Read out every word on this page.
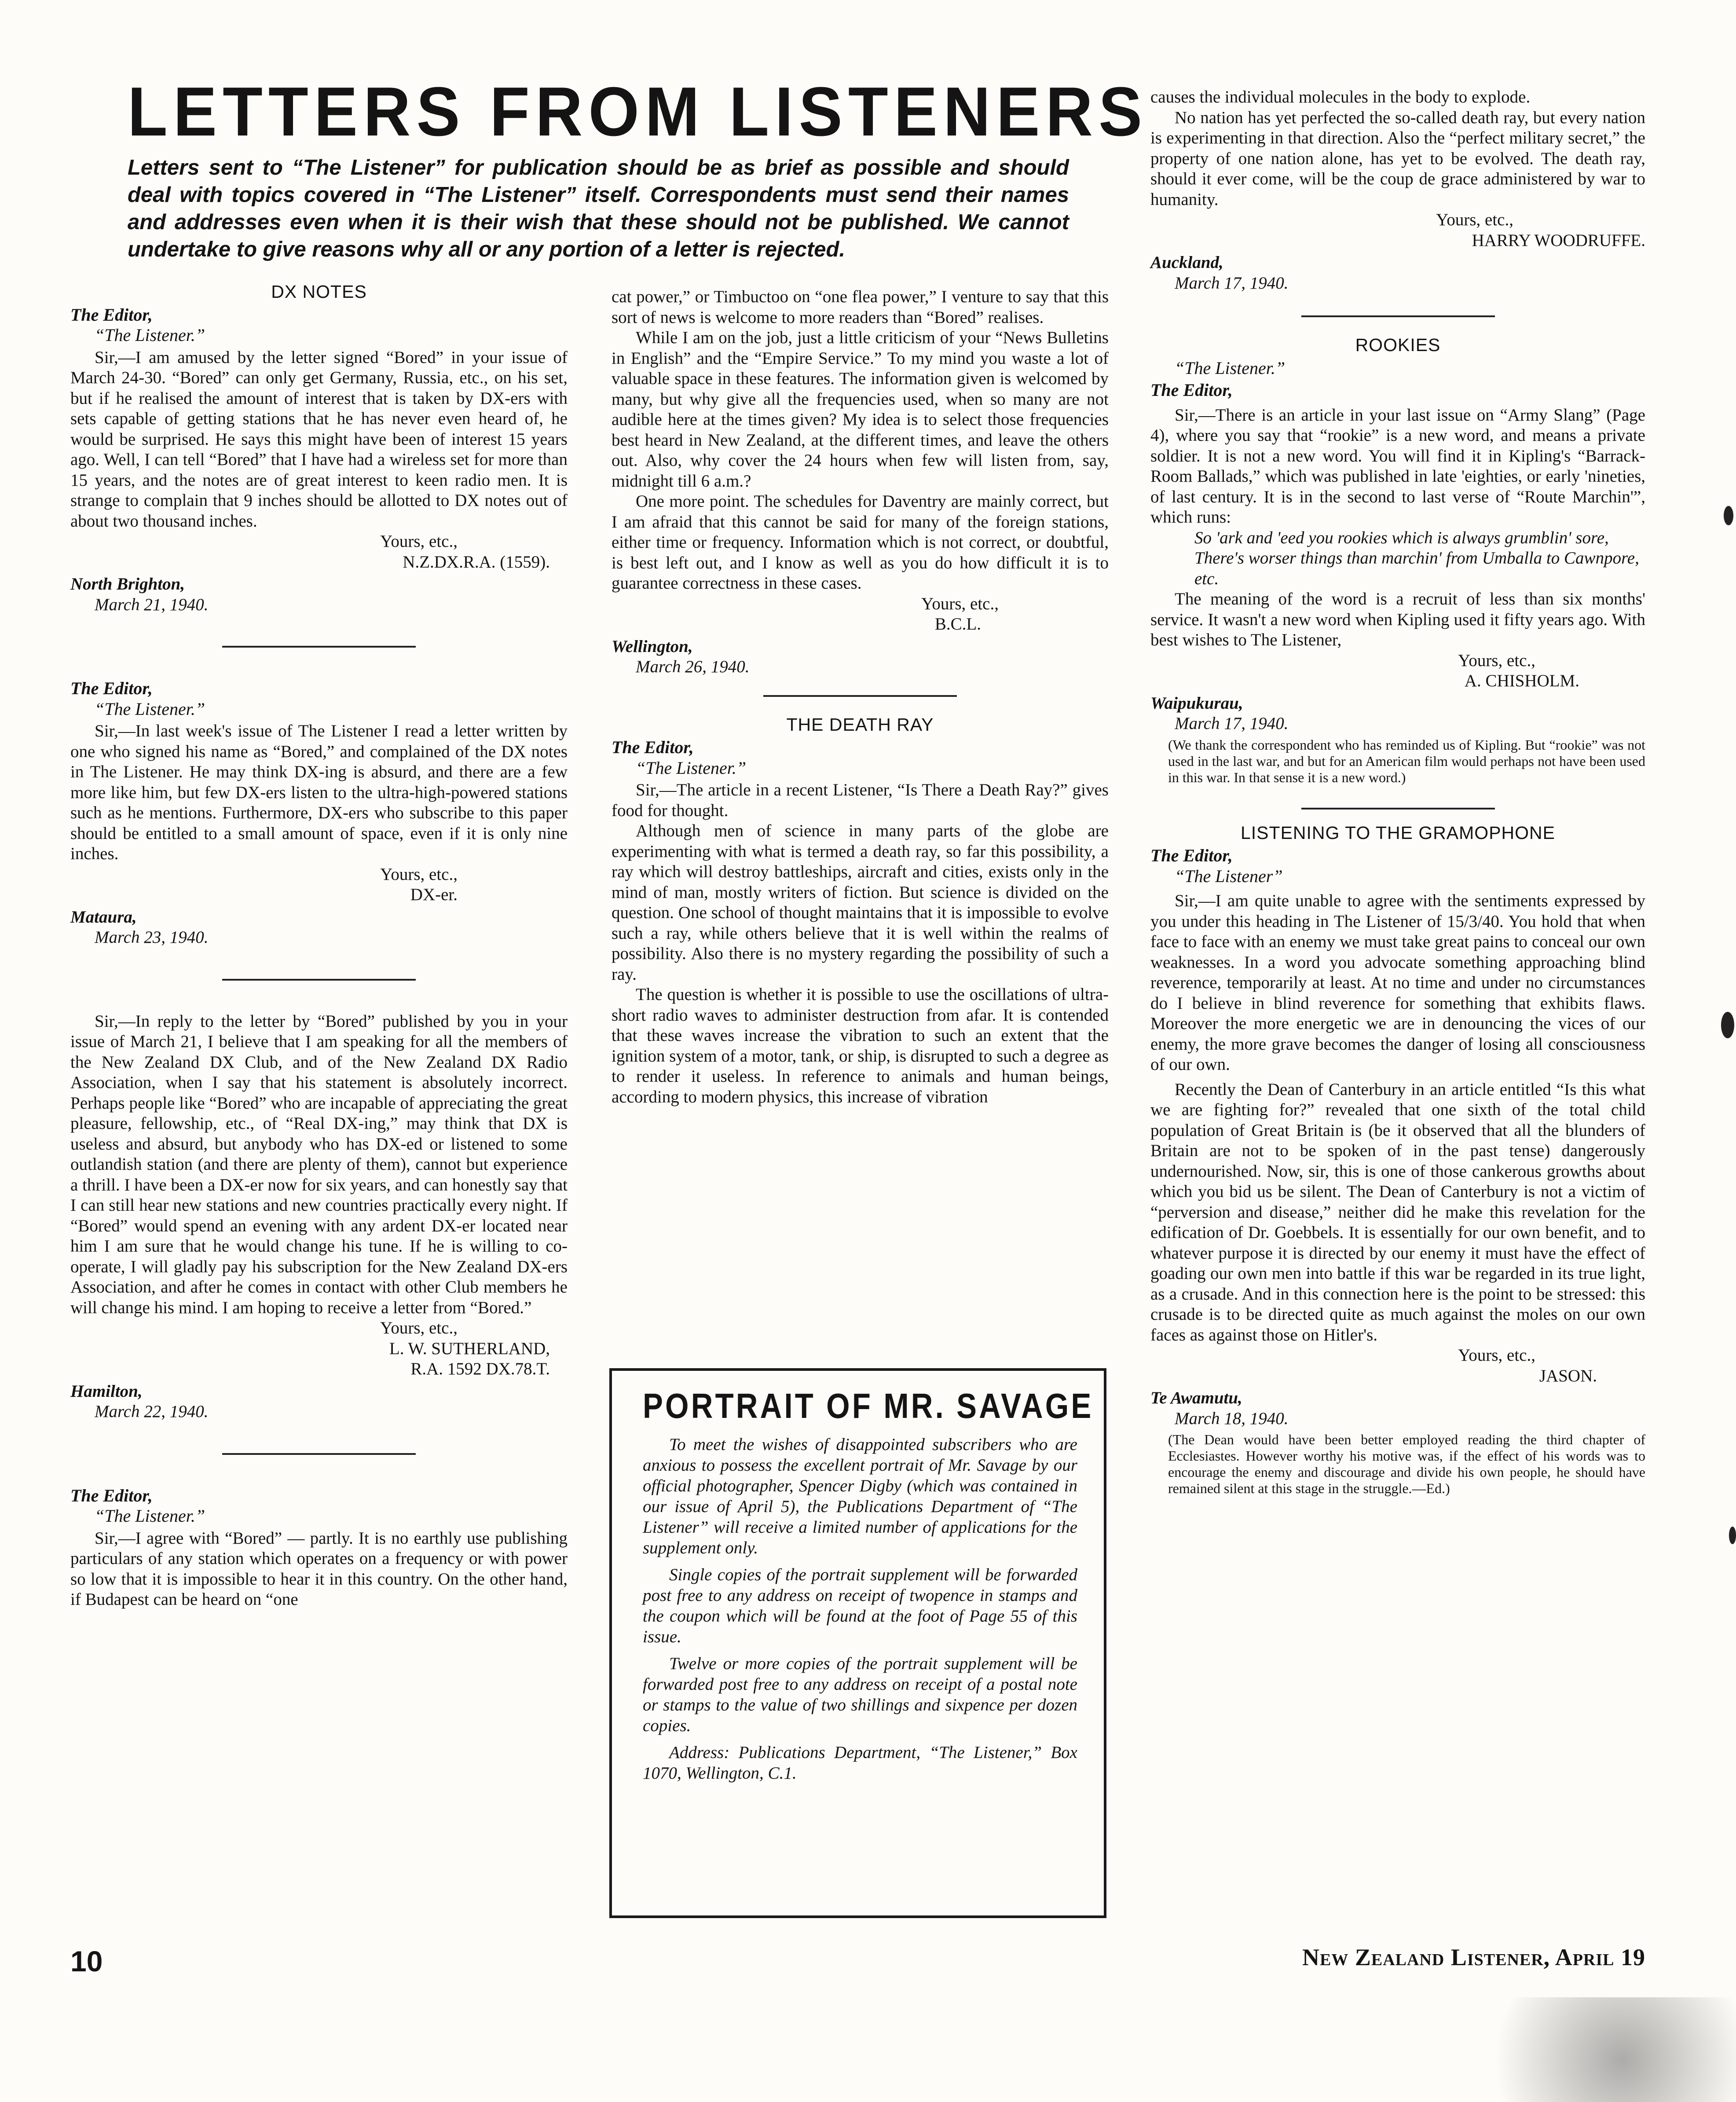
LETTERS FROM LISTENERS
Letters sent to “The Listener” for publication should be as brief as possible and should deal with topics covered in “The Listener” itself. Correspondents must send their names and addresses even when it is their wish that these should not be published. We cannot undertake to give reasons why all or any portion of a letter is rejected.
DX NOTES

The Editor,

“The Listener.”

Sir,—I am amused by the letter signed “Bored” in your issue of March 24-30. “Bored” can only get Germany, Russia, etc., on his set, but if he realised the amount of interest that is taken by DX-ers with sets capable of getting stations that he has never even heard of, he would be surprised. He says this might have been of interest 15 years ago. Well, I can tell “Bored” that I have had a wireless set for more than 15 years, and the notes are of great interest to keen radio men. It is strange to complain that 9 inches should be allotted to DX notes out of about two thousand inches.

Yours, etc.,

N.Z.DX.R.A. (1559).

North Brighton,

March 21, 1940.

The Editor,

“The Listener.”

Sir,—In last week's issue of The Listener I read a letter written by one who signed his name as “Bored,” and complained of the DX notes in The Listener. He may think DX-ing is absurd, and there are a few more like him, but few DX-ers listen to the ultra-high-powered stations such as he mentions. Furthermore, DX-ers who subscribe to this paper should be entitled to a small amount of space, even if it is only nine inches.

Yours, etc.,

DX-er.

Mataura,

March 23, 1940.

Sir,—In reply to the letter by “Bored” published by you in your issue of March 21, I believe that I am speaking for all the members of the New Zealand DX Club, and of the New Zealand DX Radio Association, when I say that his statement is absolutely incorrect. Perhaps people like “Bored” who are incapable of appreciating the great pleasure, fellowship, etc., of “Real DX-ing,” may think that DX is useless and absurd, but anybody who has DX-ed or listened to some outlandish station (and there are plenty of them), cannot but experience a thrill. I have been a DX-er now for six years, and can honestly say that I can still hear new stations and new countries practically every night. If “Bored” would spend an evening with any ardent DX-er located near him I am sure that he would change his tune. If he is willing to co-operate, I will gladly pay his subscription for the New Zealand DX-ers Association, and after he comes in contact with other Club members he will change his mind. I am hoping to receive a letter from “Bored.”

Yours, etc.,

L. W. SUTHERLAND,

R.A. 1592 DX.78.T.

Hamilton,

March 22, 1940.

The Editor,

“The Listener.”

Sir,—I agree with “Bored” — partly. It is no earthly use publishing particulars of any station which operates on a frequency or with power so low that it is impossible to hear it in this country. On the other hand, if Budapest can be heard on “one

cat power,” or Timbuctoo on “one flea power,” I venture to say that this sort of news is welcome to more readers than “Bored” realises.

While I am on the job, just a little criticism of your “News Bulletins in English” and the “Empire Service.” To my mind you waste a lot of valuable space in these features. The information given is welcomed by many, but why give all the frequencies used, when so many are not audible here at the times given? My idea is to select those frequencies best heard in New Zealand, at the different times, and leave the others out. Also, why cover the 24 hours when few will listen from, say, midnight till 6 a.m.?

One more point. The schedules for Daventry are mainly correct, but I am afraid that this cannot be said for many of the foreign stations, either time or frequency. Information which is not correct, or doubtful, is best left out, and I know as well as you do how difficult it is to guarantee correctness in these cases.

Yours, etc.,

B.C.L.

Wellington,

March 26, 1940.

THE DEATH RAY

The Editor,

“The Listener.”

Sir,—The article in a recent Listener, “Is There a Death Ray?” gives food for thought.

Although men of science in many parts of the globe are experimenting with what is termed a death ray, so far this possibility, a ray which will destroy battleships, aircraft and cities, exists only in the mind of man, mostly writers of fiction. But science is divided on the question. One school of thought maintains that it is impossible to evolve such a ray, while others believe that it is well within the realms of possibility. Also there is no mystery regarding the possibility of such a ray.

The question is whether it is possible to use the oscillations of ultra-short radio waves to administer destruction from afar. It is contended that these waves increase the vibration to such an extent that the ignition system of a motor, tank, or ship, is disrupted to such a degree as to render it useless. In reference to animals and human beings, according to modern physics, this increase of vibration

PORTRAIT OF MR. SAVAGE

To meet the wishes of disappointed subscribers who are anxious to possess the excellent portrait of Mr. Savage by our official photographer, Spencer Digby (which was contained in our issue of April 5), the Publications Department of “The Listener” will receive a limited number of applications for the supplement only.

Single copies of the portrait supplement will be forwarded post free to any address on receipt of twopence in stamps and the coupon which will be found at the foot of Page 55 of this issue.

Twelve or more copies of the portrait supplement will be forwarded post free to any address on receipt of a postal note or stamps to the value of two shillings and sixpence per dozen copies.

Address: Publications Department, “The Listener,” Box 1070, Wellington, C.1.

causes the individual molecules in the body to explode.

No nation has yet perfected the so-called death ray, but every nation is experimenting in that direction. Also the “perfect military secret,” the property of one nation alone, has yet to be evolved. The death ray, should it ever come, will be the coup de grace administered by war to humanity.

Yours, etc.,

HARRY WOODRUFFE.

Auckland,

March 17, 1940.

ROOKIES

“The Listener.”

The Editor,

Sir,—There is an article in your last issue on “Army Slang” (Page 4), where you say that “rookie” is a new word, and means a private soldier. It is not a new word. You will find it in Kipling's “Barrack-Room Ballads,” which was published in late 'eighties, or early 'nineties, of last century. It is in the second to last verse of “Route Marchin'”, which runs:

So 'ark and 'eed you rookies which is always grumblin' sore,

There's worser things than marchin' from Umballa to Cawnpore, etc.

The meaning of the word is a recruit of less than six months' service. It wasn't a new word when Kipling used it fifty years ago. With best wishes to The Listener,

Yours, etc.,

A. CHISHOLM.

Waipukurau,

March 17, 1940.

(We thank the correspondent who has reminded us of Kipling. But “rookie” was not used in the last war, and but for an American film would perhaps not have been used in this war. In that sense it is a new word.)

LISTENING TO THE GRAMOPHONE

The Editor,

“The Listener”

Sir,—I am quite unable to agree with the sentiments expressed by you under this heading in The Listener of 15/3/40. You hold that when face to face with an enemy we must take great pains to conceal our own weaknesses. In a word you advocate something approaching blind reverence, temporarily at least. At no time and under no circumstances do I believe in blind reverence for something that exhibits flaws. Moreover the more energetic we are in denouncing the vices of our enemy, the more grave becomes the danger of losing all consciousness of our own.

Recently the Dean of Canterbury in an article entitled “Is this what we are fighting for?” revealed that one sixth of the total child population of Great Britain is (be it observed that all the blunders of Britain are not to be spoken of in the past tense) dangerously undernourished. Now, sir, this is one of those cankerous growths about which you bid us be silent. The Dean of Canterbury is not a victim of “perversion and disease,” neither did he make this revelation for the edification of Dr. Goebbels. It is essentially for our own benefit, and to whatever purpose it is directed by our enemy it must have the effect of goading our own men into battle if this war be regarded in its true light, as a crusade. And in this connection here is the point to be stressed: this crusade is to be directed quite as much against the moles on our own faces as against those on Hitler's.

Yours, etc.,

JASON.

Te Awamutu,

March 18, 1940.

(The Dean would have been better employed reading the third chapter of Ecclesiastes. However worthy his motive was, if the effect of his words was to encourage the enemy and discourage and divide his own people, he should have remained silent at this stage in the struggle.—Ed.)

10	New Zealand Listener, April 19
